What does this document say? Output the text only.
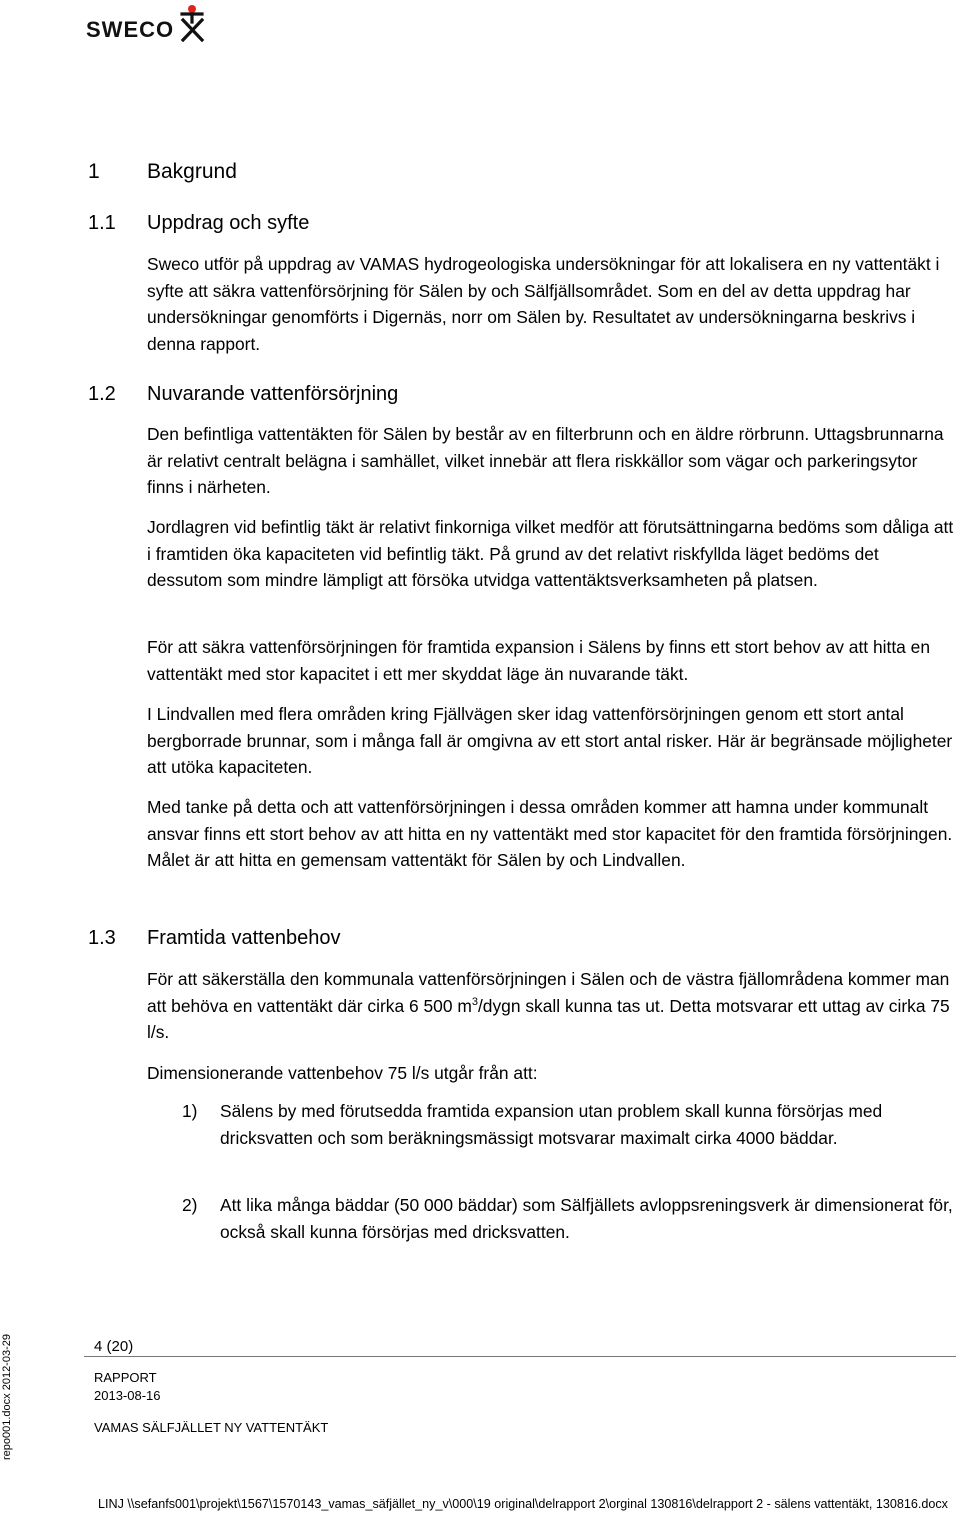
SWECO
1 Bakgrund
1.1 Uppdrag och syfte

Sweco utför på uppdrag av VAMAS hydrogeologiska undersökningar för att lokalisera en ny vattentäkt i syfte att säkra vattenförsörjning för Sälen by och Sälfjällsområdet. Som en del av detta uppdrag har undersökningar genomförts i Digernäs, norr om Sälen by. Resultatet av undersökningarna beskrivs i denna rapport.

1.2 Nuvarande vattenförsörjning

Den befintliga vattentäkten för Sälen by består av en filterbrunn och en äldre rörbrunn. Uttagsbrunnarna är relativt centralt belägna i samhället, vilket innebär att flera riskkällor som vägar och parkeringsytor finns i närheten.

Jordlagren vid befintlig täkt är relativt finkorniga vilket medför att förutsättningarna bedöms som dåliga att i framtiden öka kapaciteten vid befintlig täkt. På grund av det relativt riskfyllda läget bedöms det dessutom som mindre lämpligt att försöka utvidga vattentäktsverksamheten på platsen.

För att säkra vattenförsörjningen för framtida expansion i Sälens by finns ett stort behov av att hitta en vattentäkt med stor kapacitet i ett mer skyddat läge än nuvarande täkt.

I Lindvallen med flera områden kring Fjällvägen sker idag vattenförsörjningen genom ett stort antal bergborrade brunnar, som i många fall är omgivna av ett stort antal risker. Här är begränsade möjligheter att utöka kapaciteten.

Med tanke på detta och att vattenförsörjningen i dessa områden kommer att hamna under kommunalt ansvar finns ett stort behov av att hitta en ny vattentäkt med stor kapacitet för den framtida försörjningen. Målet är att hitta en gemensam vattentäkt för Sälen by och Lindvallen.

1.3 Framtida vattenbehov

För att säkerställa den kommunala vattenförsörjningen i Sälen och de västra fjällområdena kommer man att behöva en vattentäkt där cirka 6 500 $m^3$/dygn skall kunna tas ut. Detta motsvarar ett uttag av cirka 75 l/s.

Dimensionerande vattenbehov 75 l/s utgår från att:

1) Sälens by med förutsedda framtida expansion utan problem skall kunna försörjas med dricksvatten och som beräkningsmässigt motsvarar maximalt cirka 4000 bäddar.
2) Att lika många bäddar (50 000 bäddar) som Sälfjällets avloppsreningsverk är dimensionerat för, också skall kunna försörjas med dricksvatten.
4 (20)
RAPPORT
2013-08-16
VAMAS SÄLFJÄLLET NY VATTENTÄKT
repo001.docx 2012-03-29
LINJ \\sefanfs001\projekt\1567\1570143_vamas_säfjället_ny_v\000\19 original\delrapport 2\orginal 130816\delrapport 2 - sälens vattentäkt, 130816.docx
